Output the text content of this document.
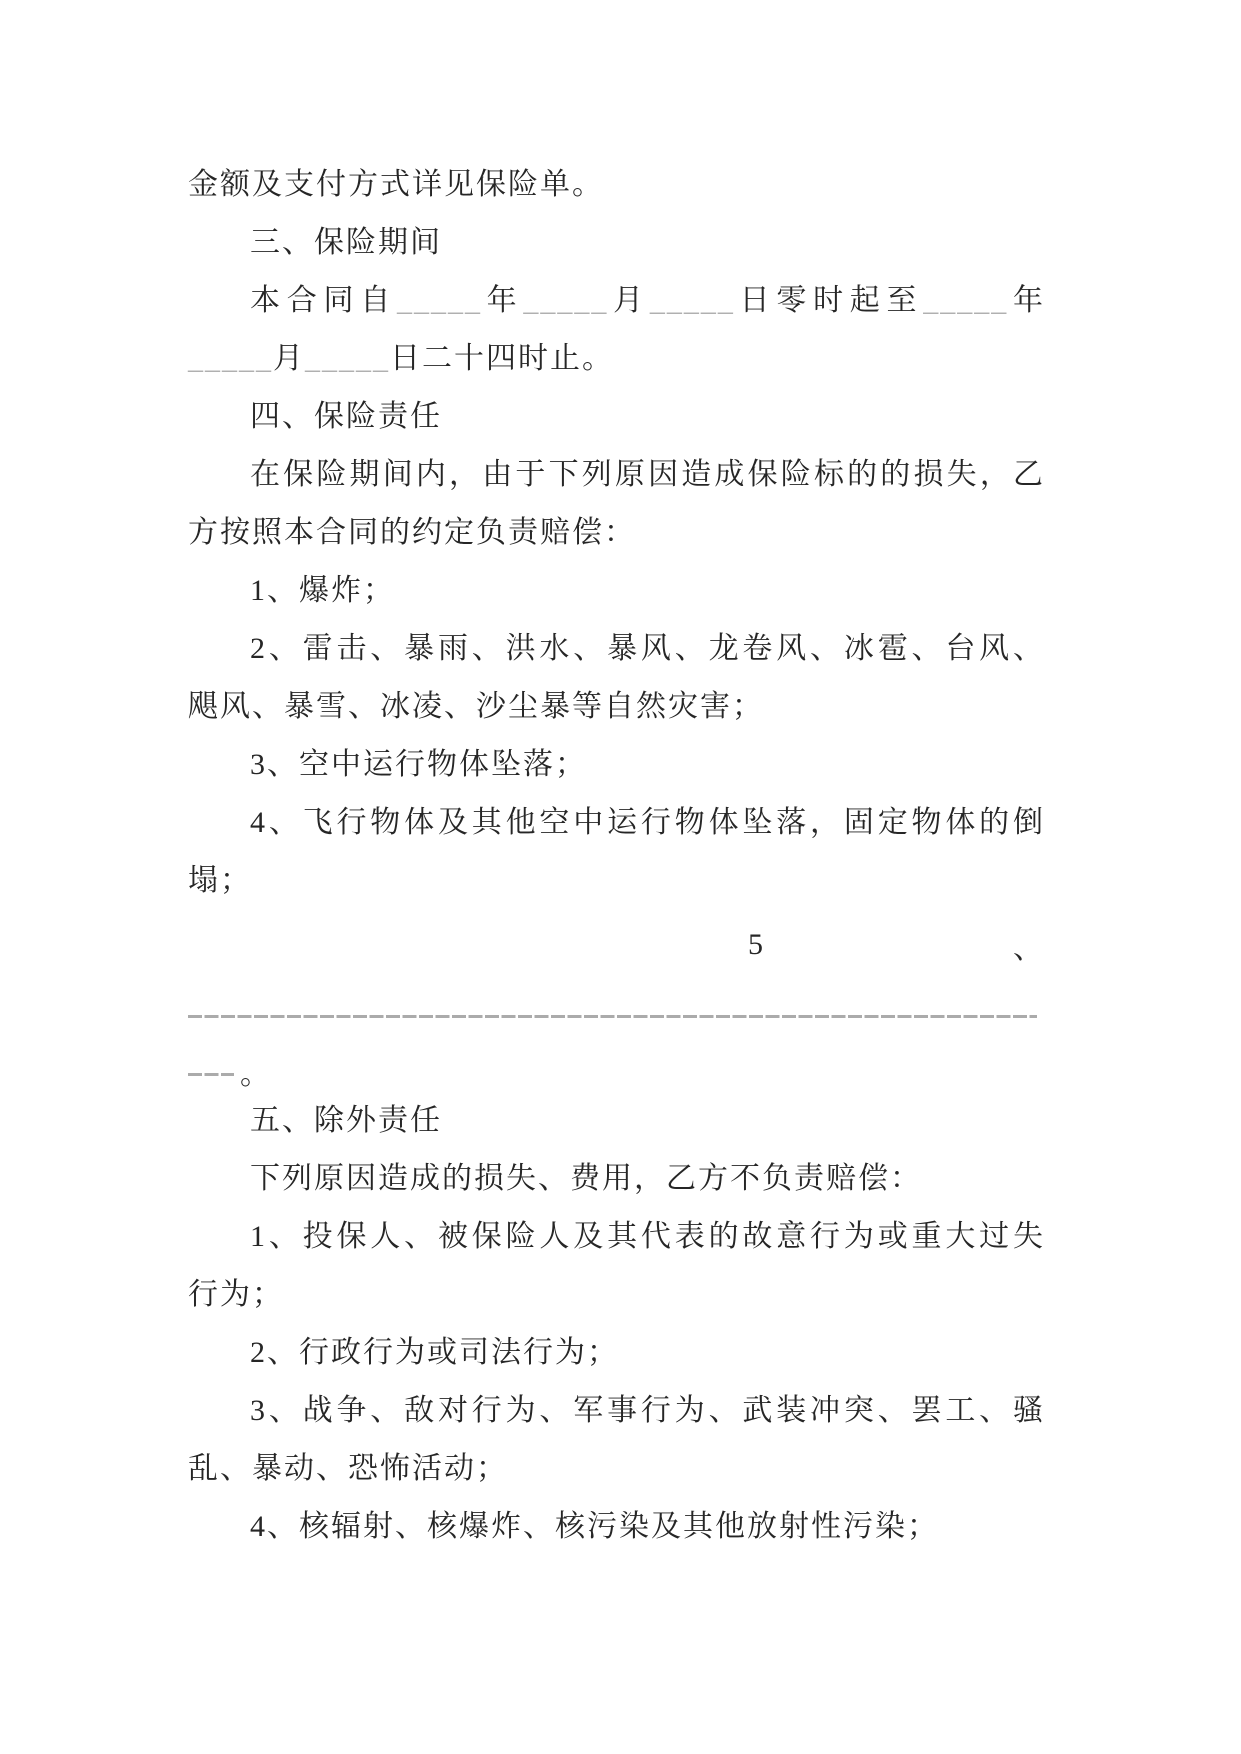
金额及支付方式详见保险单。
三、保险期间
本合同自_____年_____月_____日零时起至_____年
_____月_____日二十四时止。
四、保险责任
在保险期间内，由于下列原因造成保险标的的损失，乙
方按照本合同的约定负责赔偿：
1、爆炸；
2、雷击、暴雨、洪水、暴风、龙卷风、冰雹、台风、
飓风、暴雪、冰凌、沙尘暴等自然灾害；
3、空中运行物体坠落；
4、飞行物体及其他空中运行物体坠落，固定物体的倒
塌；
5	、
。
五、除外责任
下列原因造成的损失、费用，乙方不负责赔偿：
1、投保人、被保险人及其代表的故意行为或重大过失
行为；
2、行政行为或司法行为；
3、战争、敌对行为、军事行为、武装冲突、罢工、骚
乱、暴动、恐怖活动；
4、核辐射、核爆炸、核污染及其他放射性污染；
